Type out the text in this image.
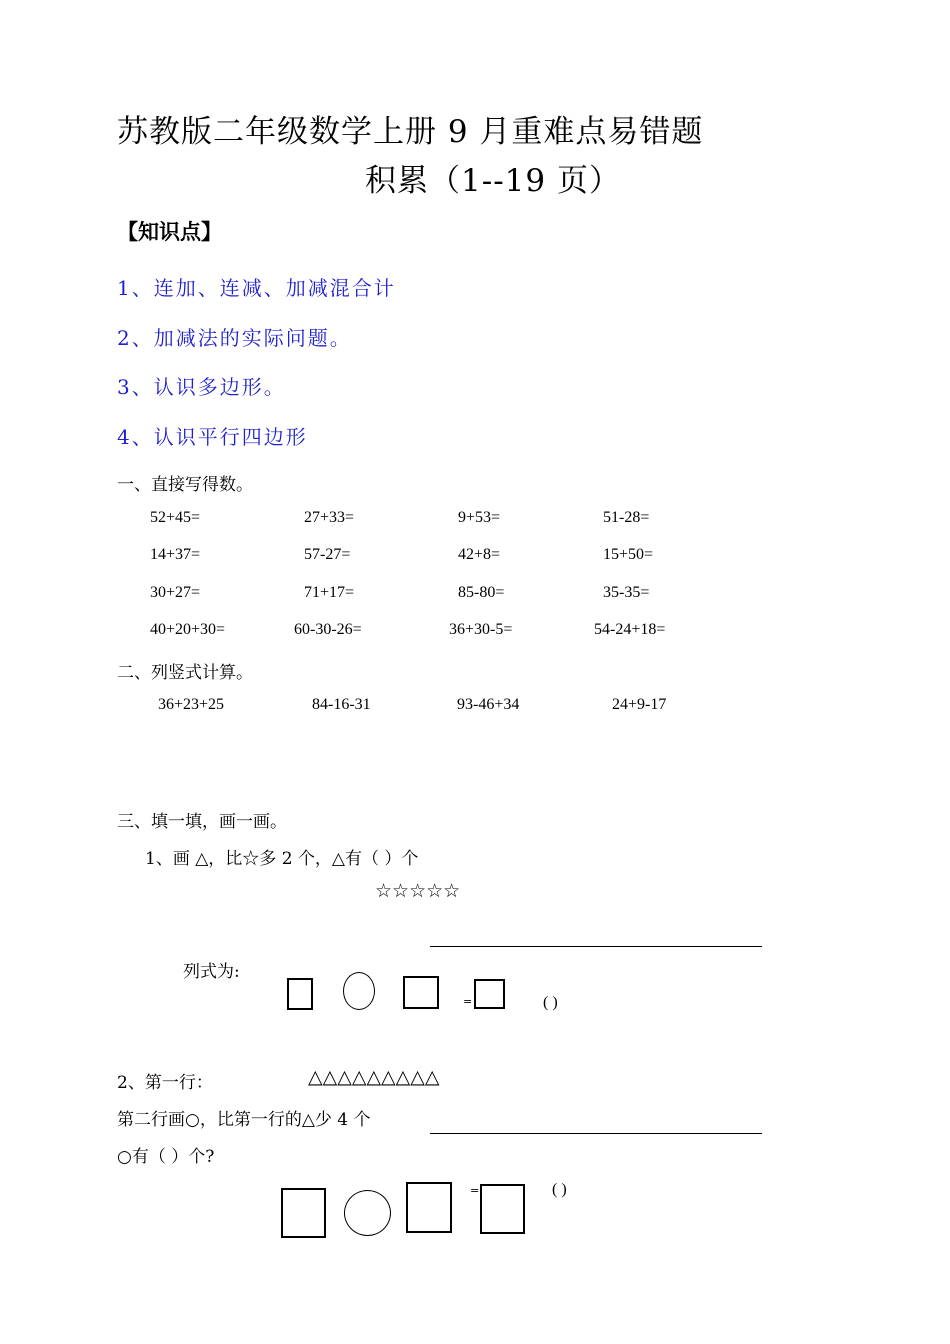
苏教版二年级数学上册 9 月重难点易错题
积累（1--19 页）
【知识点】
1、连加、连减、加减混合计
2、加减法的实际问题。
3、认识多边形。
4、认识平行四边形
一、直接写得数。
52+45=	27+33=	9+53=	51-28=
14+37=	57-27=	42+8=	15+50=
30+27=	71+17=	85-80=	35-35=
40+20+30=	60-30-26=	36+30-5=	54-24+18=
二、列竖式计算。
36+23+25	84-16-31	93-46+34	24+9-17
三、填一填，画一画。
1、画 △，比☆多 2 个，△有（ ）个
☆☆☆☆☆
列式为:
=	( )
2、第一行：	△△△△△△△△△
第二行画○，比第一行的△少 4 个
○有（ ）个?
=	( )
